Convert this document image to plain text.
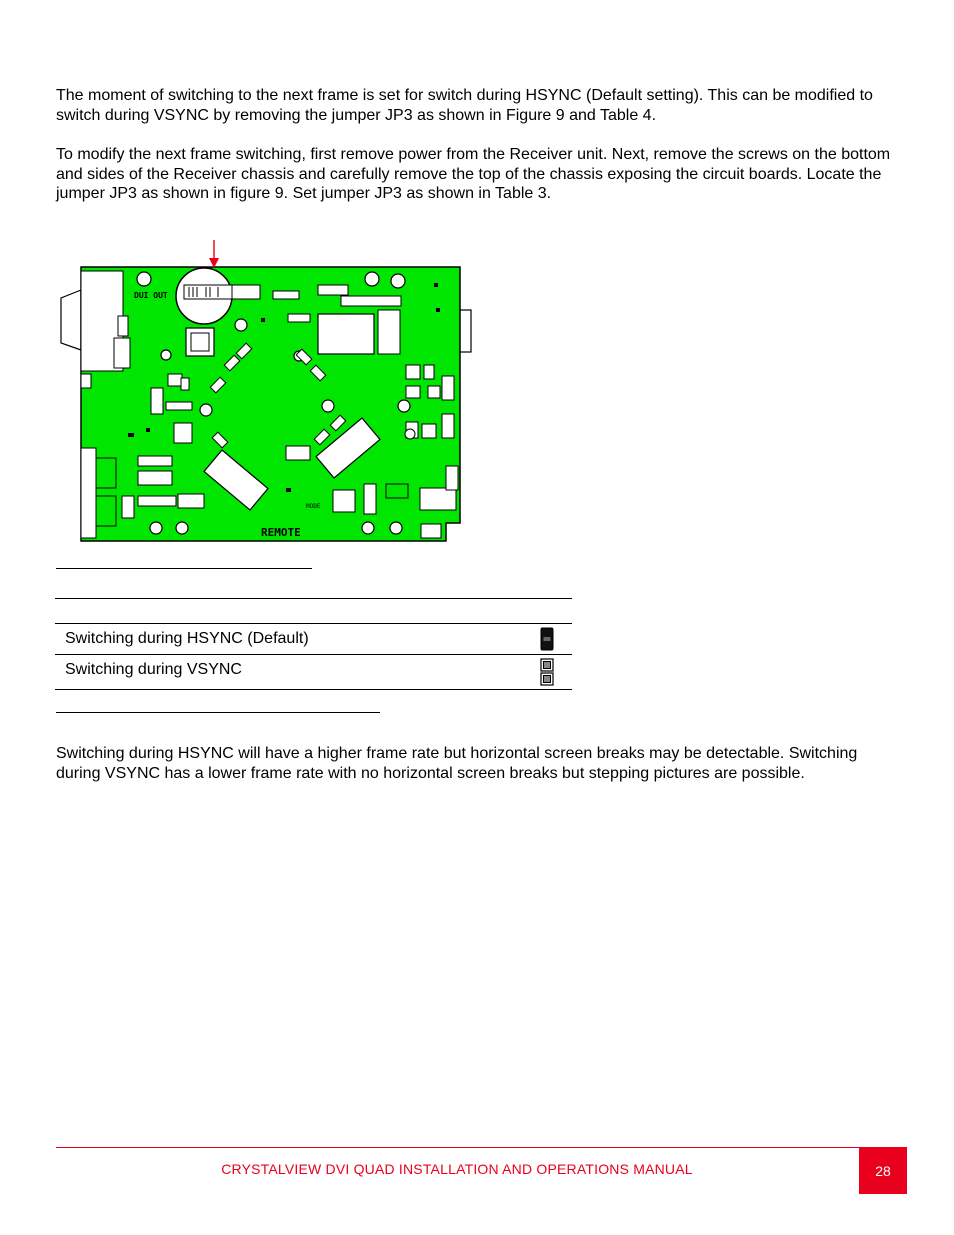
The moment of switching to the next frame is set for switch during HSYNC (Default setting). This can be modified to switch during VSYNC by removing the jumper JP3 as shown in Figure 9 and Table 4.

To modify the next frame switching, first remove power from the Receiver unit. Next, remove the screws on the bottom and sides of the Receiver chassis and carefully remove the top of the chassis exposing the circuit boards. Locate the jumper JP3 as shown in figure 9. Set jumper JP3 as shown in Table 3.

DUI OUT
REMOTE
MODE
Switching during HSYNC (Default)
Switching during VSYNC

Switching during HSYNC will have a higher frame rate but horizontal screen breaks may be detectable. Switching during VSYNC has a lower frame rate with no horizontal screen breaks but stepping pictures are possible.

CRYSTALVIEW DVI QUAD INSTALLATION AND OPERATIONS MANUAL	28
